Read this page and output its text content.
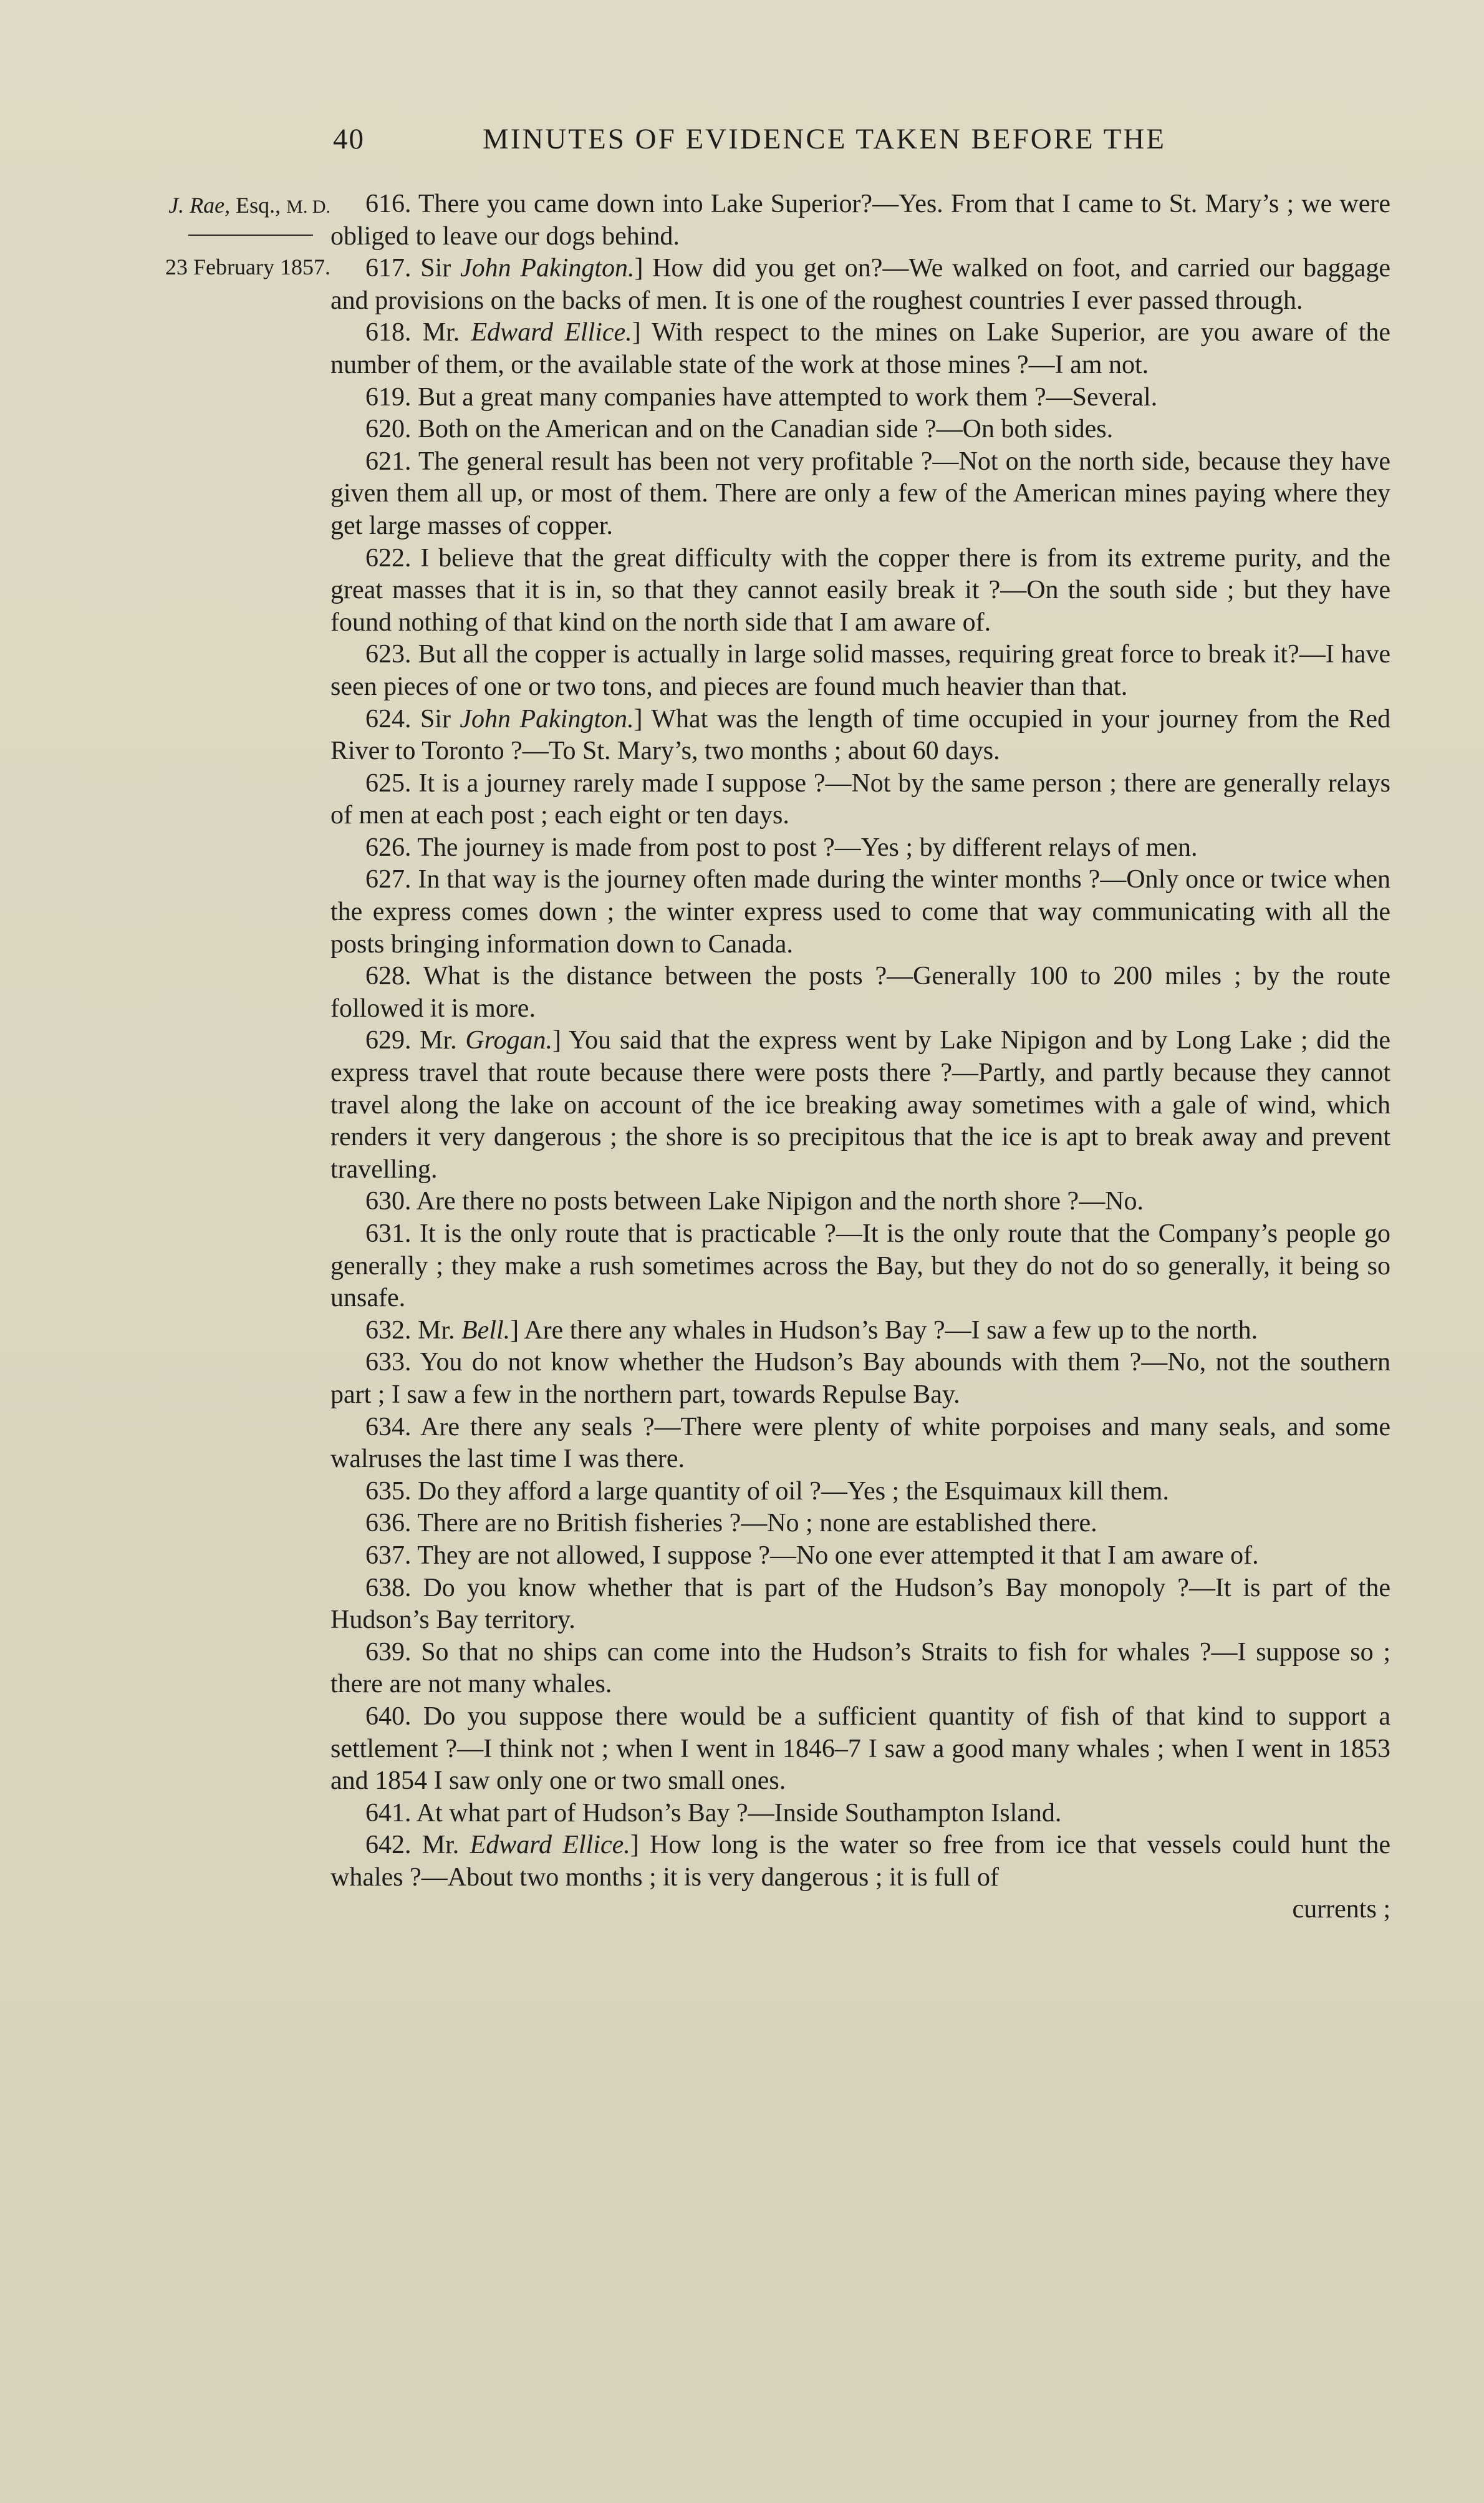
40	MINUTES OF EVIDENCE TAKEN BEFORE THE
J. Rae, Esq., M. D.
23 February 1857.

616. There you came down into Lake Superior?—Yes. From that I came to St. Mary’s ; we were obliged to leave our dogs behind.

617. Sir John Pakington.] How did you get on?—We walked on foot, and carried our baggage and provisions on the backs of men. It is one of the roughest countries I ever passed through.

618. Mr. Edward Ellice.] With respect to the mines on Lake Superior, are you aware of the number of them, or the available state of the work at those mines ?—I am not.

619. But a great many companies have attempted to work them ?—Several.

620. Both on the American and on the Canadian side ?—On both sides.

621. The general result has been not very profitable ?—Not on the north side, because they have given them all up, or most of them. There are only a few of the American mines paying where they get large masses of copper.

622. I believe that the great difficulty with the copper there is from its extreme purity, and the great masses that it is in, so that they cannot easily break it ?—On the south side ; but they have found nothing of that kind on the north side that I am aware of.

623. But all the copper is actually in large solid masses, requiring great force to break it?—I have seen pieces of one or two tons, and pieces are found much heavier than that.

624. Sir John Pakington.] What was the length of time occupied in your journey from the Red River to Toronto ?—To St. Mary’s, two months ; about 60 days.

625. It is a journey rarely made I suppose ?—Not by the same person ; there are generally relays of men at each post ; each eight or ten days.

626. The journey is made from post to post ?—Yes ; by different relays of men.

627. In that way is the journey often made during the winter months ?—Only once or twice when the express comes down ; the winter express used to come that way communicating with all the posts bringing information down to Canada.

628. What is the distance between the posts ?—Generally 100 to 200 miles ; by the route followed it is more.

629. Mr. Grogan.] You said that the express went by Lake Nipigon and by Long Lake ; did the express travel that route because there were posts there ?—Partly, and partly because they cannot travel along the lake on account of the ice breaking away sometimes with a gale of wind, which renders it very dangerous ; the shore is so precipitous that the ice is apt to break away and prevent travelling.

630. Are there no posts between Lake Nipigon and the north shore ?—No.

631. It is the only route that is practicable ?—It is the only route that the Company’s people go generally ; they make a rush sometimes across the Bay, but they do not do so generally, it being so unsafe.

632. Mr. Bell.] Are there any whales in Hudson’s Bay ?—I saw a few up to the north.

633. You do not know whether the Hudson’s Bay abounds with them ?—No, not the southern part ; I saw a few in the northern part, towards Repulse Bay.

634. Are there any seals ?—There were plenty of white porpoises and many seals, and some walruses the last time I was there.

635. Do they afford a large quantity of oil ?—Yes ; the Esquimaux kill them.

636. There are no British fisheries ?—No ; none are established there.

637. They are not allowed, I suppose ?—No one ever attempted it that I am aware of.

638. Do you know whether that is part of the Hudson’s Bay monopoly ?—It is part of the Hudson’s Bay territory.

639. So that no ships can come into the Hudson’s Straits to fish for whales ?—I suppose so ; there are not many whales.

640. Do you suppose there would be a sufficient quantity of fish of that kind to support a settlement ?—I think not ; when I went in 1846–7 I saw a good many whales ; when I went in 1853 and 1854 I saw only one or two small ones.

641. At what part of Hudson’s Bay ?—Inside Southampton Island.

642. Mr. Edward Ellice.] How long is the water so free from ice that vessels could hunt the whales ?—About two months ; it is very dangerous ; it is full of

currents ;
